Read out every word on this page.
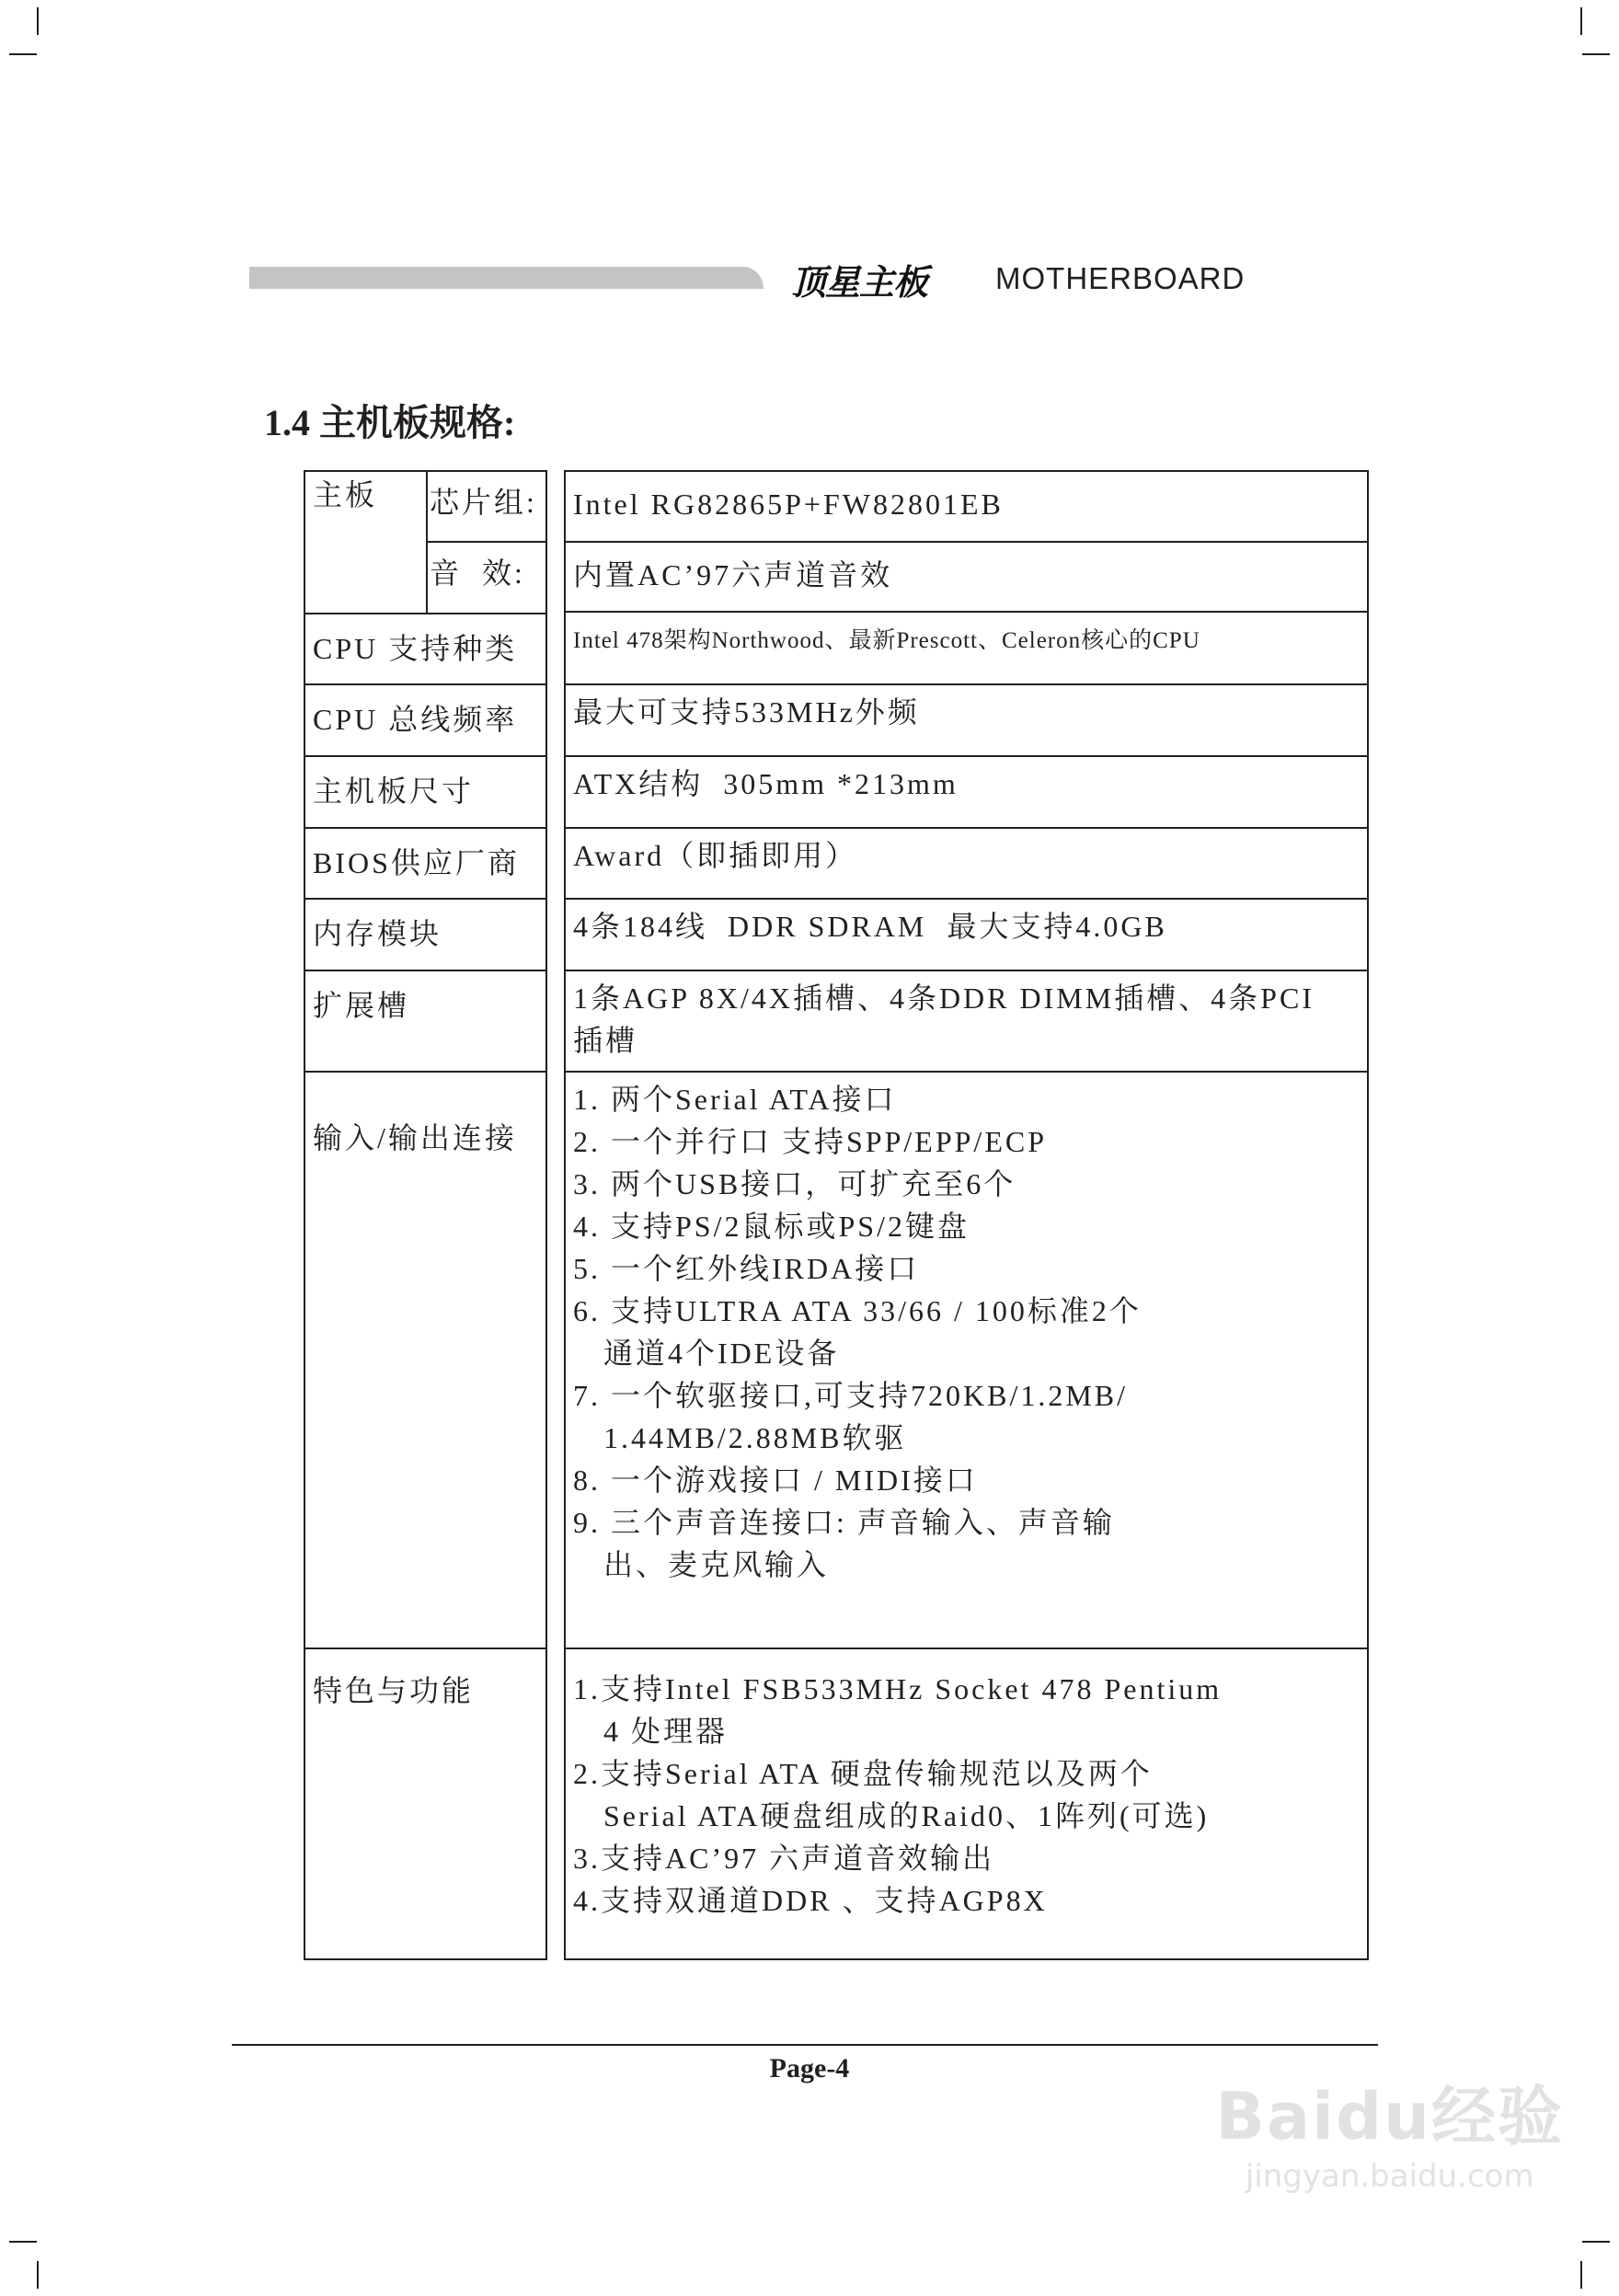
顶星主板 MOTHERBOARD
1.4 主机板规格:
主板	芯片组:
音  效:
CPU 支持种类
CPU 总线频率
主机板尺寸
BIOS供应厂商
内存模块
扩展槽
输入/输出连接
特色与功能
Intel RG82865P+FW82801EB
内置AC’97六声道音效
Intel 478架构Northwood、最新Prescott、Celeron核心的CPU
最大可支持533MHz外频
ATX结构  305mm *213mm
Award（即插即用）
4条184线  DDR SDRAM  最大支持4.0GB
1条AGP 8X/4X插槽、4条DDR DIMM插槽、4条PCI
插槽
1. 两个Serial ATA接口
2. 一个并行口 支持SPP/EPP/ECP
3. 两个USB接口，可扩充至6个
4. 支持PS/2鼠标或PS/2键盘
5. 一个红外线IRDA接口
6. 支持ULTRA ATA 33/66 / 100标准2个
通道4个IDE设备
7. 一个软驱接口,可支持720KB/1.2MB/
1.44MB/2.88MB软驱
8. 一个游戏接口 / MIDI接口
9. 三个声音连接口: 声音输入、声音输
出、麦克风输入
1.支持Intel FSB533MHz Socket 478 Pentium
4 处理器
2.支持Serial ATA 硬盘传输规范以及两个
Serial ATA硬盘组成的Raid0、1阵列(可选)
3.支持AC’97 六声道音效输出
4.支持双通道DDR 、支持AGP8X
Page-4
Baidu经验
jingyan.baidu.com
